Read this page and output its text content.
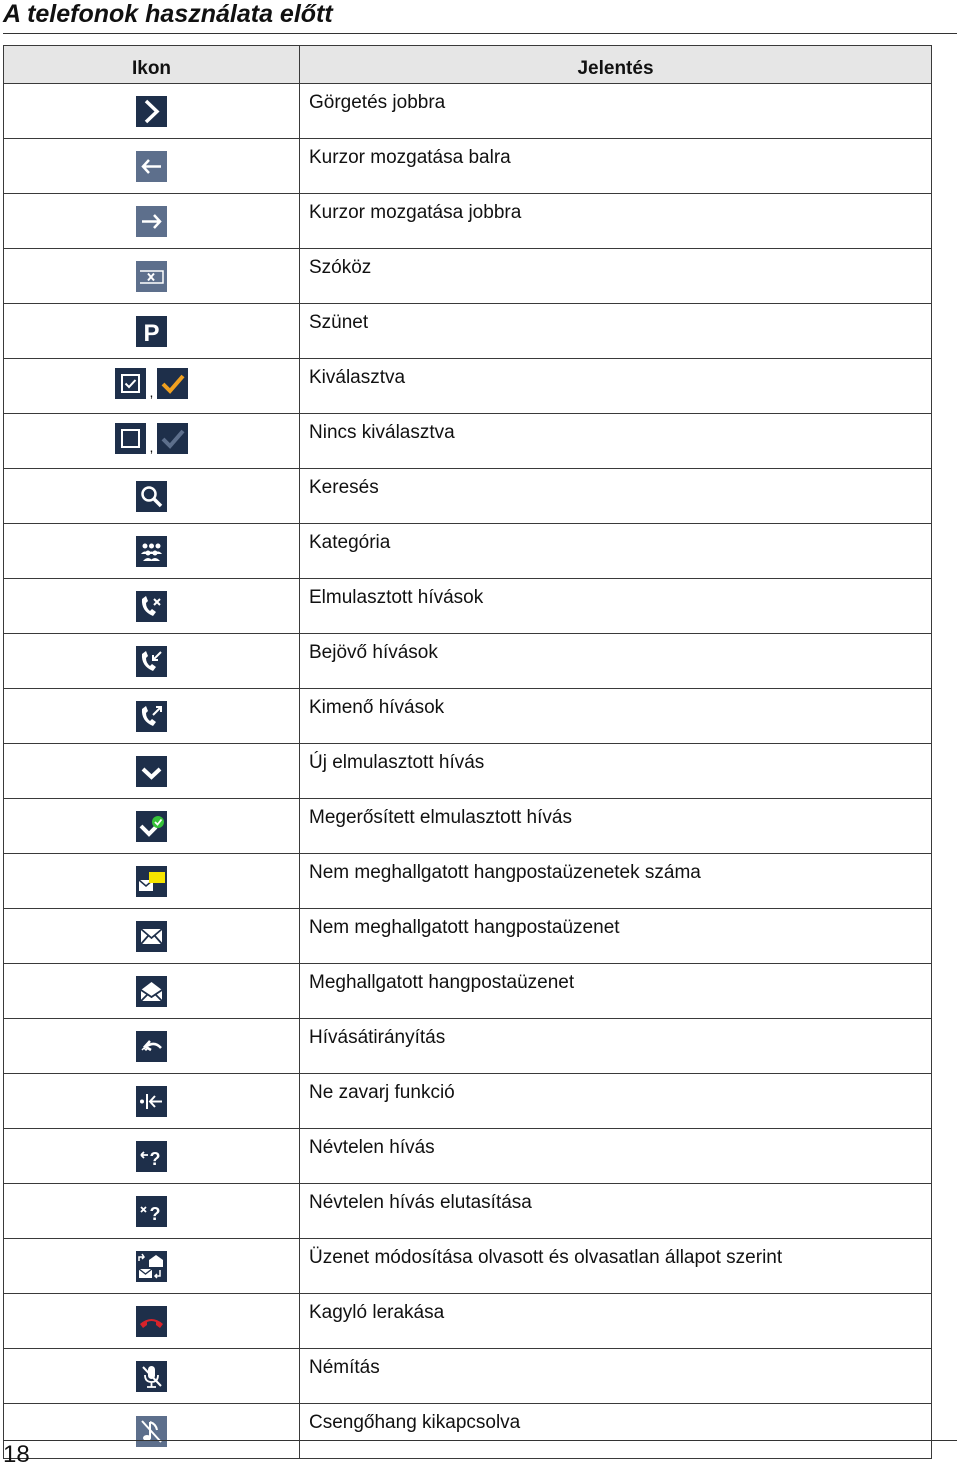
A telefonok használata előtt
Ikon	Jelentés

	Görgetés jobbra

	Kurzor mozgatása balra

	Kurzor mozgatása jobbra

	Szóköz

P	Szünet

,	Kiválasztva

,	Nincs kiválasztva

	Keresés

	Kategória

	Elmulasztott hívások

	Bejövő hívások

	Kimenő hívások

	Új elmulasztott hívás

	Megerősített elmulasztott hívás

	Nem meghallgatott hangpostaüzenetek száma

	Nem meghallgatott hangpostaüzenet

	Meghallgatott hangpostaüzenet

	Hívásátirányítás

	Ne zavarj funkció

?	Névtelen hívás

?	Névtelen hívás elutasítása

	Üzenet módosítása olvasott és olvasatlan állapot szerint

	Kagyló lerakása

	Némítás

	Csengőhang kikapcsolva
18
